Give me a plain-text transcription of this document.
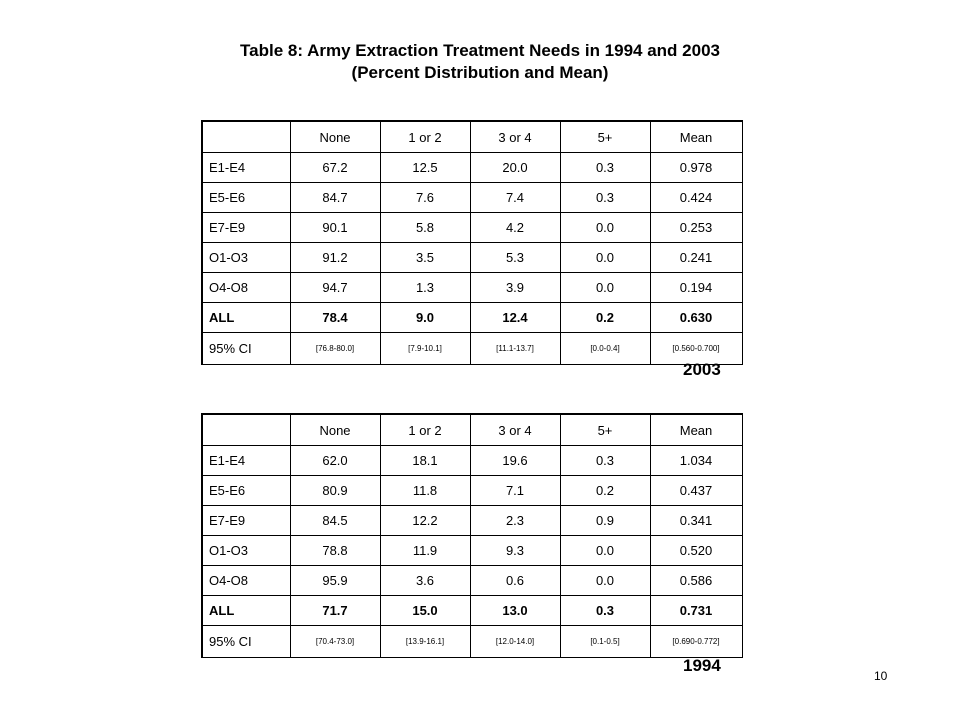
Table 8: Army Extraction Treatment Needs in 1994 and 2003
(Percent Distribution and Mean)
	None	1 or 2	3 or 4	5+	Mean
E1-E4	67.2	12.5	20.0	0.3	0.978
E5-E6	84.7	7.6	7.4	0.3	0.424
E7-E9	90.1	5.8	4.2	0.0	0.253
O1-O3	91.2	3.5	5.3	0.0	0.241
O4-O8	94.7	1.3	3.9	0.0	0.194
ALL	78.4	9.0	12.4	0.2	0.630
95% CI	[76.8-80.0]	[7.9-10.1]	[11.1-13.7]	[0.0-0.4]	[0.560-0.700]
2003
	None	1 or 2	3 or 4	5+	Mean
E1-E4	62.0	18.1	19.6	0.3	1.034
E5-E6	80.9	11.8	7.1	0.2	0.437
E7-E9	84.5	12.2	2.3	0.9	0.341
O1-O3	78.8	11.9	9.3	0.0	0.520
O4-O8	95.9	3.6	0.6	0.0	0.586
ALL	71.7	15.0	13.0	0.3	0.731
95% CI	[70.4-73.0]	[13.9-16.1]	[12.0-14.0]	[0.1-0.5]	[0.690-0.772]
1994
10
